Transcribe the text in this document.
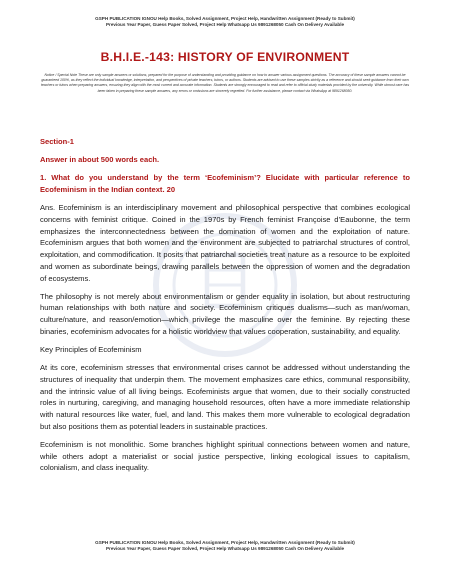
GSPH PUBLICATION IGNOU Help Books, Solved Assignment, Project Help, Handwritten Assignment (Ready to Submit)
Previous Year Paper, Guess Paper Solved, Project Help Whatsapp Us 9891268050 Cash On Delivery Available
B.H.I.E.-143: HISTORY OF ENVIRONMENT
Notice / Special Note These are only sample answers or solutions, prepared for the purpose of understanding and providing guidance on how to answer various assignment questions. The accuracy of these sample answers cannot be guaranteed 100%, as they reflect the individual knowledge, interpretation, and perspectives of private teachers, tutors, or authors. Students are advised to use these samples strictly as a reference and should seek guidance from their own teachers or tutors when preparing answers, ensuring they align with the most current and accurate information. Students are strongly encouraged to read and refer to official study materials provided by the university. While utmost care has been taken in preparing these sample answers, any errors or omissions are sincerely regretted. For further assistance, please contact via WhatsApp at 9891268050.

Section-1

Answer in about 500 words each.

1. What do you understand by the term ‘Ecofeminism’? Elucidate with particular reference to Ecofeminism in the Indian context. 20

Ans. Ecofeminism is an interdisciplinary movement and philosophical perspective that combines ecological concerns with feminist critique. Coined in the 1970s by French feminist Françoise d’Eaubonne, the term emphasizes the interconnectedness between the domination of women and the exploitation of nature. Ecofeminism argues that both women and the environment are subjected to patriarchal structures of control, exploitation, and commodification. It posits that patriarchal societies treat nature as a resource to be exploited and women as subordinate beings, drawing parallels between the oppression of women and the degradation of ecosystems.

The philosophy is not merely about environmentalism or gender equality in isolation, but about restructuring human relationships with both nature and society. Ecofeminism critiques dualisms—such as man/woman, culture/nature, and reason/emotion—which privilege the masculine over the feminine. By rejecting these binaries, ecofeminism advocates for a holistic worldview that values cooperation, sustainability, and equality.

Key Principles of Ecofeminism

At its core, ecofeminism stresses that environmental crises cannot be addressed without understanding the structures of inequality that underpin them. The movement emphasizes care ethics, communal responsibility, and the intrinsic value of all living beings. Ecofeminists argue that women, due to their socially constructed roles in nurturing, caregiving, and managing household resources, often have a more immediate relationship with natural resources like water, fuel, and land. This makes them more vulnerable to ecological degradation but also positions them as potential leaders in sustainable practices.

Ecofeminism is not monolithic. Some branches highlight spiritual connections between women and nature, while others adopt a materialist or social justice perspective, linking ecological issues to capitalism, colonialism, and class inequality.

GSPH PUBLICATION IGNOU Help Books, Solved Assignment, Project Help, Handwritten Assignment (Ready to Submit)
Previous Year Paper, Guess Paper Solved, Project Help Whatsapp Us 9891268050 Cash On Delivery Available
